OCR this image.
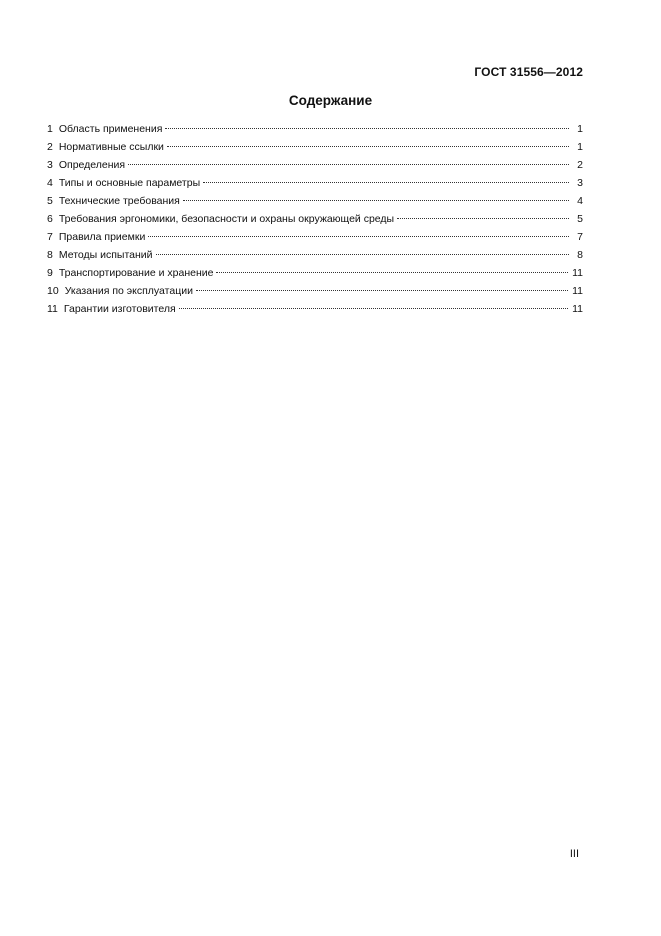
ГОСТ 31556—2012
Содержание
1 Область применения	1
2 Нормативные ссылки	1
3 Определения	2
4 Типы и основные параметры	3
5 Технические требования	4
6 Требования эргономики, безопасности и охраны окружающей среды	5
7 Правила приемки	7
8 Методы испытаний	8
9 Транспортирование и хранение	11
10 Указания по эксплуатации	11
11 Гарантии изготовителя	11
III
